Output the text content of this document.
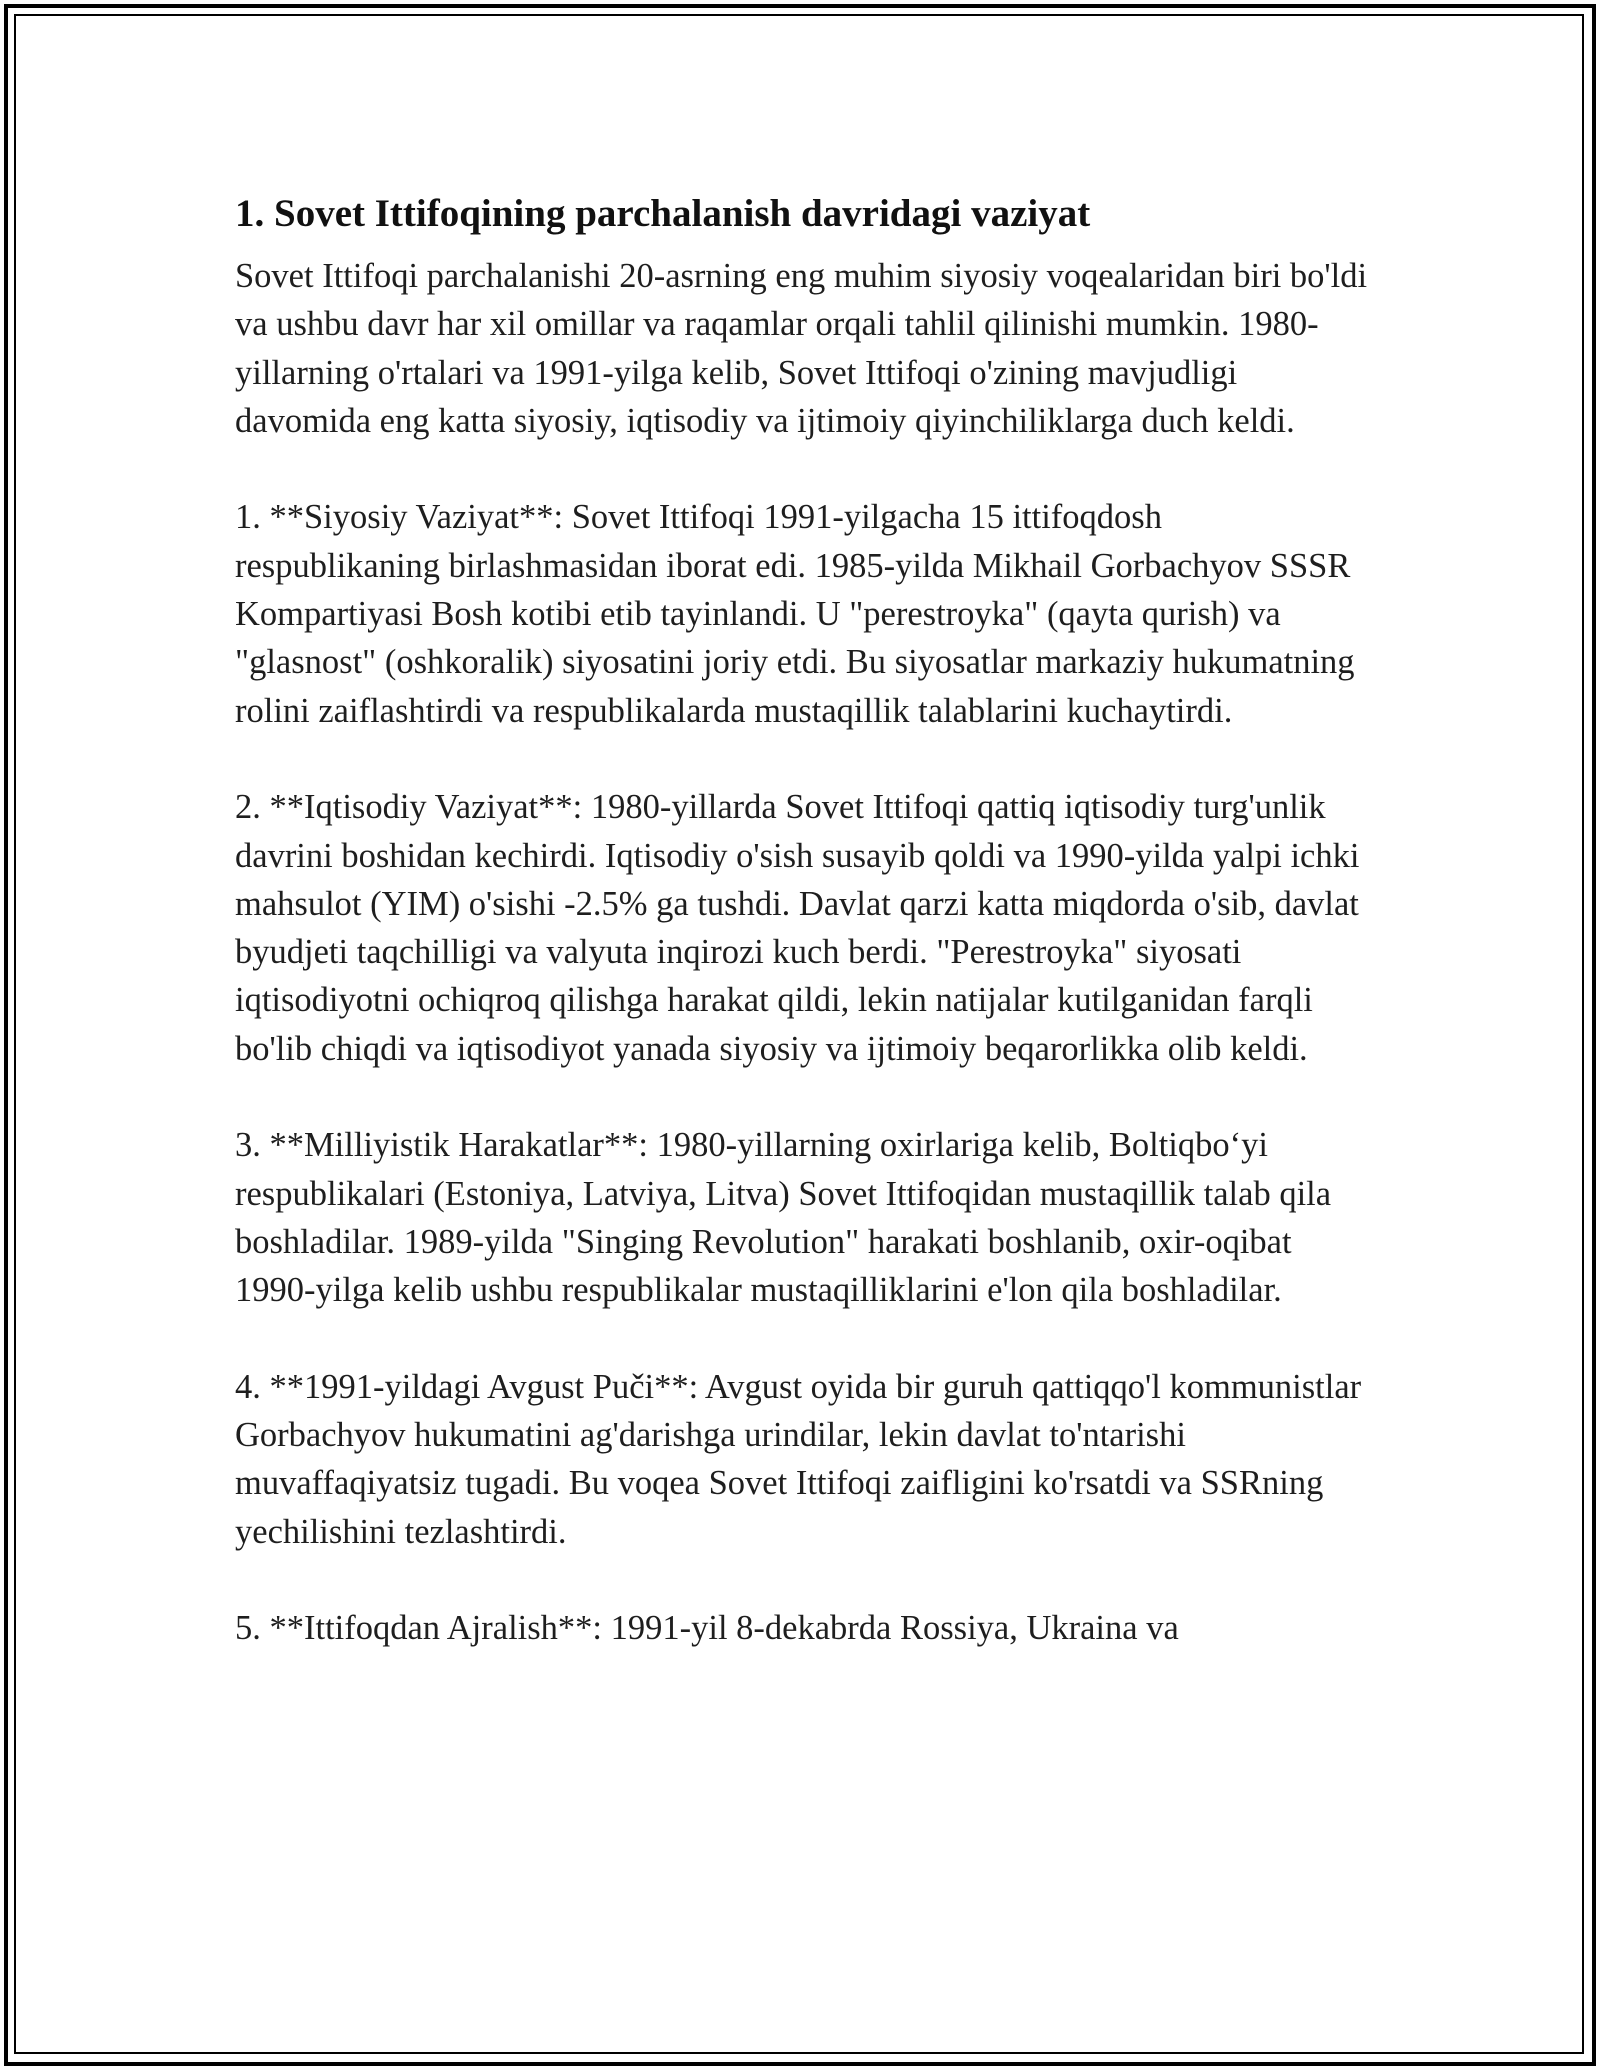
1. Sovet Ittifoqining parchalanish davridagi vaziyat

Sovet Ittifoqi parchalanishi 20-asrning eng muhim siyosiy voqealaridan biri bo'ldi va ushbu davr har xil omillar va raqamlar orqali tahlil qilinishi mumkin. 1980-yillarning o'rtalari va 1991-yilga kelib, Sovet Ittifoqi o'zining mavjudligi davomida eng katta siyosiy, iqtisodiy va ijtimoiy qiyinchiliklarga duch keldi.

1. **Siyosiy Vaziyat**: Sovet Ittifoqi 1991-yilgacha 15 ittifoqdosh respublikaning birlashmasidan iborat edi. 1985-yilda Mikhail Gorbachyov SSSR Kompartiyasi Bosh kotibi etib tayinlandi. U "perestroyka" (qayta qurish) va "glasnost" (oshkoralik) siyosatini joriy etdi. Bu siyosatlar markaziy hukumatning rolini zaiflashtirdi va respublikalarda mustaqillik talablarini kuchaytirdi.

2. **Iqtisodiy Vaziyat**: 1980-yillarda Sovet Ittifoqi qattiq iqtisodiy turg'unlik davrini boshidan kechirdi. Iqtisodiy o'sish susayib qoldi va 1990-yilda yalpi ichki mahsulot (YIM) o'sishi -2.5% ga tushdi. Davlat qarzi katta miqdorda o'sib, davlat byudjeti taqchilligi va valyuta inqirozi kuch berdi. "Perestroyka" siyosati iqtisodiyotni ochiqroq qilishga harakat qildi, lekin natijalar kutilganidan farqli bo'lib chiqdi va iqtisodiyot yanada siyosiy va ijtimoiy beqarorlikka olib keldi.

3. **Milliyistik Harakatlar**: 1980-yillarning oxirlariga kelib, Boltiqbo‘yi respublikalari (Estoniya, Latviya, Litva) Sovet Ittifoqidan mustaqillik talab qila boshladilar. 1989-yilda "Singing Revolution" harakati boshlanib, oxir-oqibat 1990-yilga kelib ushbu respublikalar mustaqilliklarini e'lon qila boshladilar.

4. **1991-yildagi Avgust Puči**: Avgust oyida bir guruh qattiqqo'l kommunistlar Gorbachyov hukumatini ag'darishga urindilar, lekin davlat to'ntarishi muvaffaqiyatsiz tugadi. Bu voqea Sovet Ittifoqi zaifligini ko'rsatdi va SSRning yechilishini tezlashtirdi.

5. **Ittifoqdan Ajralish**: 1991-yil 8-dekabrda Rossiya, Ukraina va
